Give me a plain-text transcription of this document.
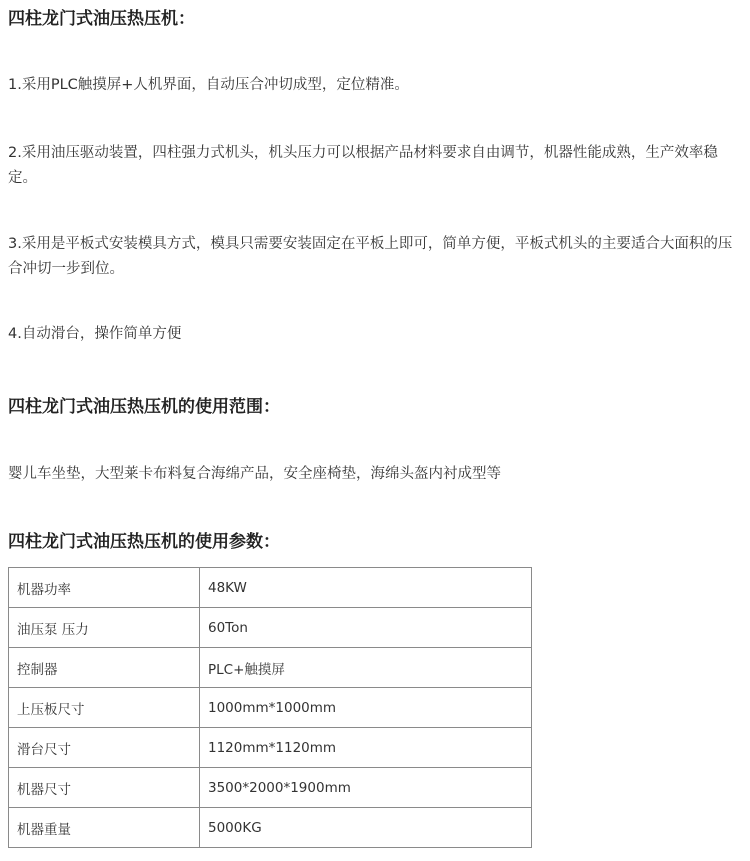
四柱龙门式油压热压机：

1.采用PLC触摸屏+人机界面，自动压合冲切成型，定位精准。

2.采用油压驱动装置，四柱强力式机头，机头压力可以根据产品材料要求自由调节，机器性能成熟，生产效率稳定。

3.采用是平板式安装模具方式，模具只需要安装固定在平板上即可，简单方便，平板式机头的主要适合大面积的压合冲切一步到位。

4.自动滑台，操作简单方便

四柱龙门式油压热压机的使用范围：

婴儿车坐垫，大型莱卡布料复合海绵产品，安全座椅垫，海绵头盔内衬成型等

四柱龙门式油压热压机的使用参数：
机器功率	48KW
油压泵 压力	60Ton
控制器	PLC+触摸屏
上压板尺寸	1000mm*1000mm
滑台尺寸	1120mm*1120mm
机器尺寸	3500*2000*1900mm
机器重量	5000KG
